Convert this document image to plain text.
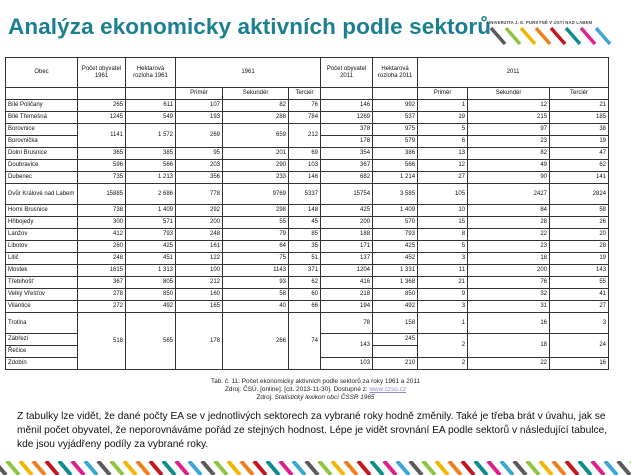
Analýza ekonomicky aktivních podle sektorů
UNIVERZITA J. E. PURKYNĚ V ÚSTÍ NAD LABEM
Obec	Počet obyvatel 1961	Hektarová rozloha 1961	1961			Počet obyvatel 2011	Hektarová rozloha 2011	2011		
			Primér	Sekundér	Terciér			Primér	Sekundér	Terciér
Bílé Poličany	265	611	107	82	76	146	992	1	12	21
Bílé Třemešná	1245	549	193	288	784	1269	537	19	215	185
Borovnice	1141	1 572	269	659	212	378	975	5	97	38
Borovnička						178	579	6	23	19
Dolní Brusnice	365	385	95	201	69	354	386	13	82	47
Doubravice	596	566	203	290	103	367	566	12	49	62
Dubenec	735	1 213	356	233	146	682	1 214	27	90	141
Dvůr Králové nad Labem	15885	2 686	778	9769	5337	15754	3 585	105	2427	2824
Horní Brusnice	738	1 409	292	298	148	425	1 409	10	84	58
Hřibojedy	300	571	200	55	45	200	570	15	28	26
Lanžov	412	793	248	79	85	188	793	8	22	20
Libotov	260	425	161	64	35	171	425	5	23	28
Litič	248	451	122	75	51	137	452	3	18	19
Mostek	1615	1 313	100	1143	371	1204	1 331	11	200	143
Třebihošť	367	805	212	93	62	416	1 368	21	76	55
Velký Vřešťov	278	850	160	58	60	218	850	9	32	41
Vilantice	272	492	165	40	66	194	492	3	31	27
Trotina	518	565	178	266	74	78	158	1	16	3
Zábřezí						143	245	2	18	24
Řečice										
Zdobín						103	210	2	22	16
Tab. č. 11: Počet ekonomicky aktivních podle sektorů za roky 1961 a 2011
Zdroj: ČSÚ. [online]. [cit. 2013-11-30]. Dostupné z: www.czso.cz
Zdroj: Statistický lexikon obcí ČSSR 1965
Z tabulky lze vidět, že dané počty EA se v jednotlivých sektorech za vybrané roky hodně změnily. Také je třeba brát v úvahu, jak se měnil počet obyvatel, že neporovnáváme pořád ze stejných hodnost. Lépe je vidět srovnání EA podle sektorů v následující tabulce, kde jsou vyjádřeny podíly za vybrané roky.
